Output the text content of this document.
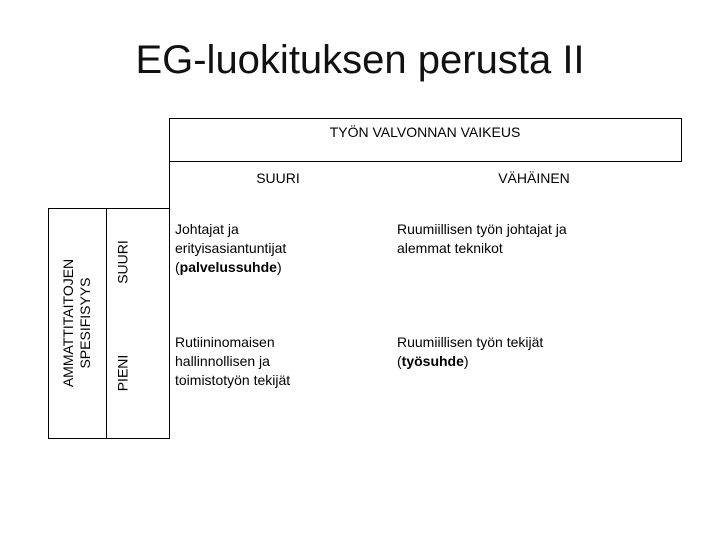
EG-luokituksen perusta II
TYÖN VALVONNAN VAIKEUS
SUURI	VÄHÄINEN
AMMATTITAITOJEN
SPESIFISYYS
SUURI
PIENI
Johtajat ja
erityisasiantuntijat
(palvelussuhde)
Ruumiillisen työn johtajat ja
alemmat teknikot
Rutiininomaisen
hallinnollisen ja
toimistotyön tekijät
Ruumiillisen työn tekijät
(työsuhde)
